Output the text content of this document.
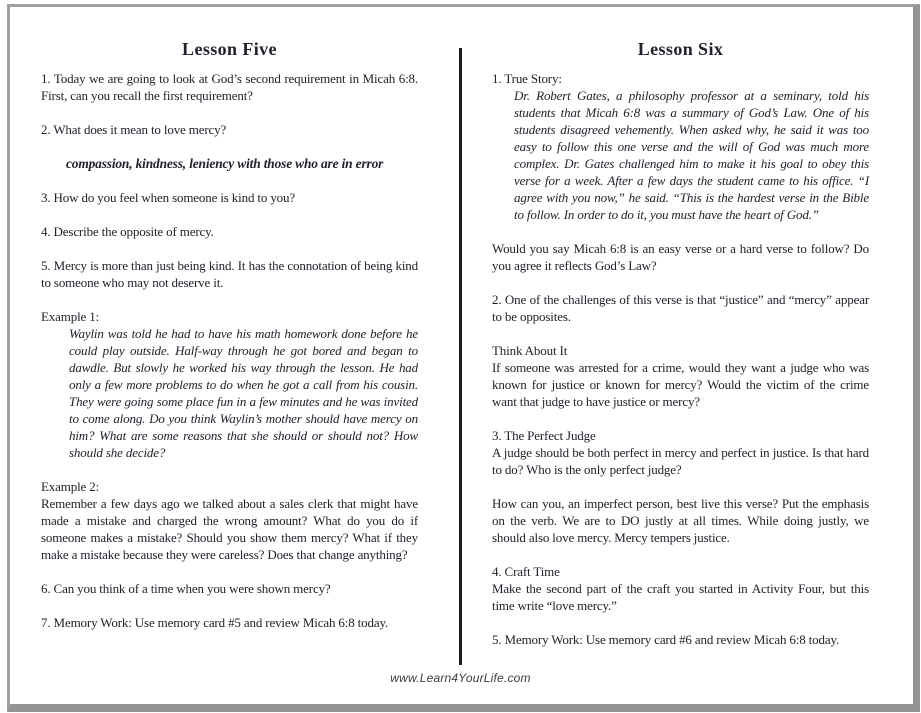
Lesson Five

1. Today we are going to look at God’s second requirement in Micah 6:8. First, can you recall the first requirement?

2. What does it mean to love mercy?

compassion, kindness, leniency with those who are in error

3. How do you feel when someone is kind to you?

4. Describe the opposite of mercy.

5. Mercy is more than just being kind. It has the connotation of being kind to someone who may not deserve it.

Example 1:

Waylin was told he had to have his math homework done before he could play outside. Half-way through he got bored and began to dawdle. But slowly he worked his way through the lesson. He had only a few more problems to do when he got a call from his cousin. They were going some place fun in a few minutes and he was invited to come along. Do you think Waylin’s mother should have mercy on him? What are some reasons that she should or should not? How should she decide?

Example 2:

Remember a few days ago we talked about a sales clerk that might have made a mistake and charged the wrong amount? What do you do if someone makes a mistake? Should you show them mercy? What if they make a mistake because they were careless? Does that change anything?

6. Can you think of a time when you were shown mercy?

7. Memory Work: Use memory card #5 and review Micah 6:8 today.

Lesson Six

1. True Story:

Dr. Robert Gates, a philosophy professor at a seminary, told his students that Micah 6:8 was a summary of God’s Law. One of his students disagreed vehemently. When asked why, he said it was too easy to follow this one verse and the will of God was much more complex. Dr. Gates challenged him to make it his goal to obey this verse for a week. After a few days the student came to his office. “I agree with you now,” he said. “This is the hardest verse in the Bible to follow. In order to do it, you must have the heart of God.”

Would you say Micah 6:8 is an easy verse or a hard verse to follow? Do you agree it reflects God’s Law?

2. One of the challenges of this verse is that “justice” and “mercy” appear to be opposites.

Think About It

If someone was arrested for a crime, would they want a judge who was known for justice or known for mercy? Would the victim of the crime want that judge to have justice or mercy?

3. The Perfect Judge

A judge should be both perfect in mercy and perfect in justice. Is that hard to do? Who is the only perfect judge?

How can you, an imperfect person, best live this verse? Put the emphasis on the verb. We are to DO justly at all times. While doing justly, we should also love mercy. Mercy tempers justice.

4. Craft Time

Make the second part of the craft you started in Activity Four, but this time write “love mercy.”

5. Memory Work: Use memory card #6 and review Micah 6:8 today.

www.Learn4YourLife.com
